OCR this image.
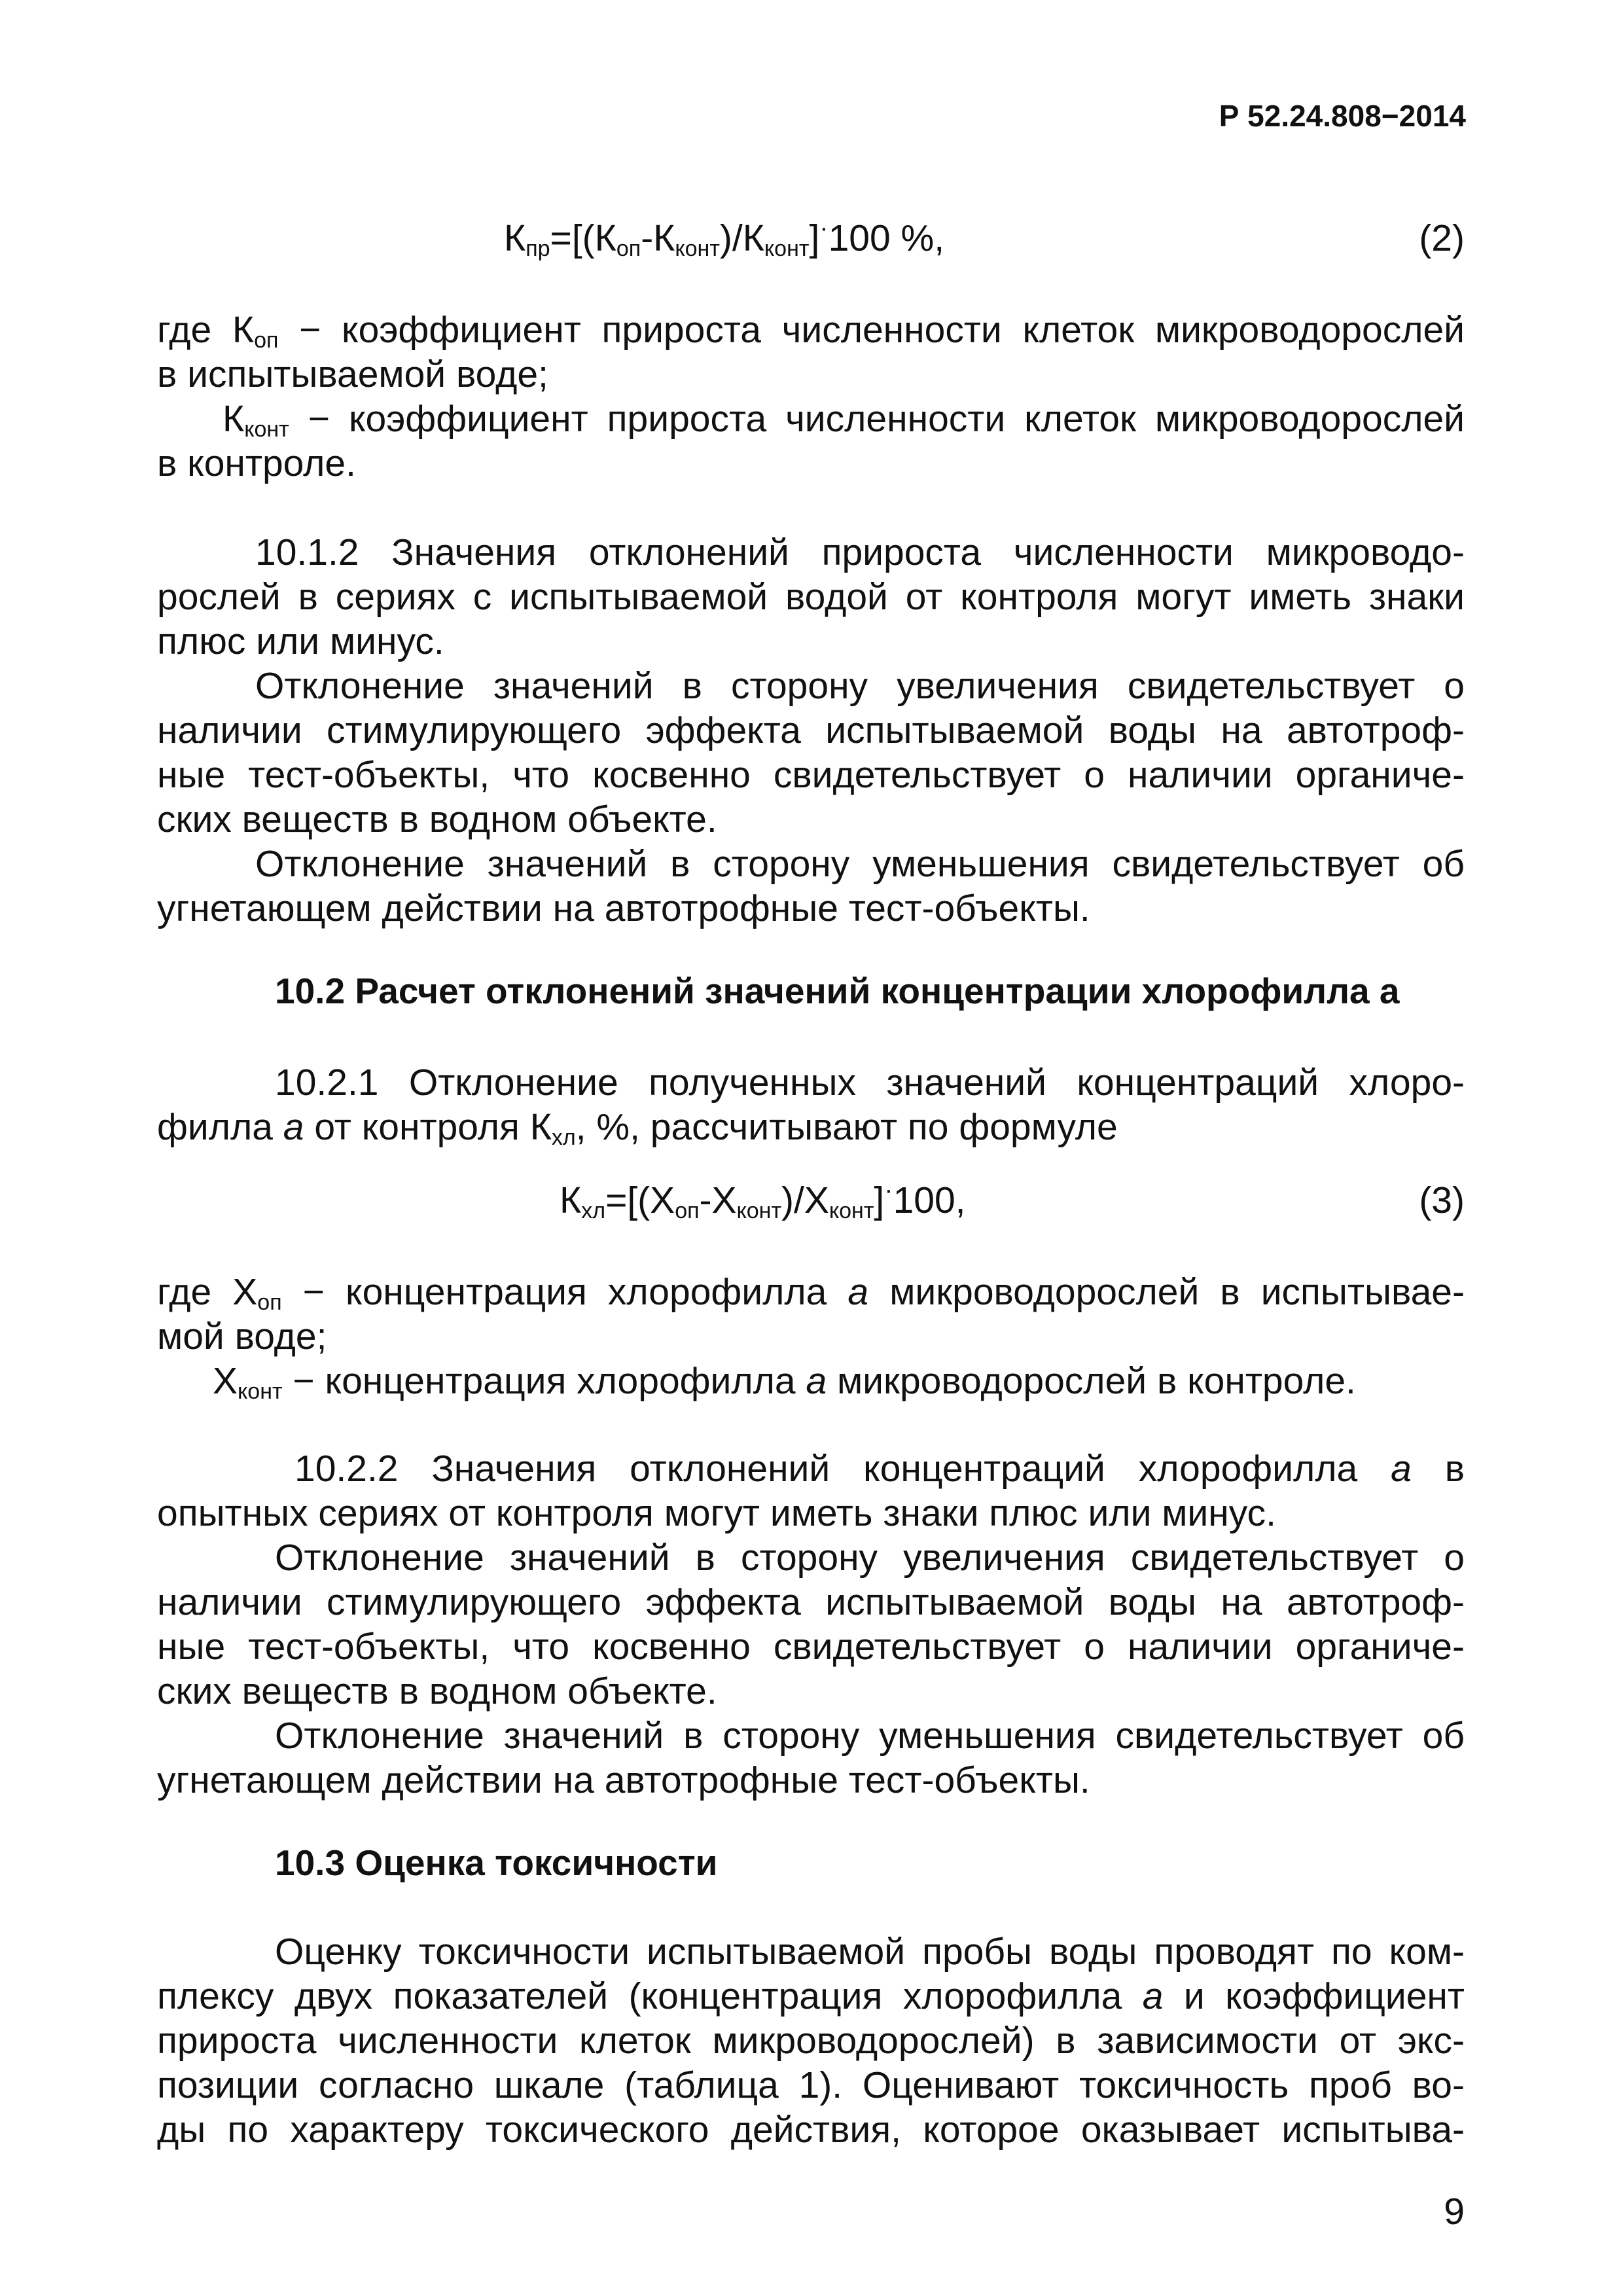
Р 52.24.808−2014
$К_{пр}=[(К_{оп}-К_{конт})/К_{конт}]^\cdot 100$ %,	(2)
где $К_{оп}$ − коэффициент прироста численности клеток микроводорослей
в испытываемой воде;
$К_{конт}$ − коэффициент прироста численности клеток микроводорослей
в контроле.
10.1.2 Значения отклонений прироста численности микроводо-
рослей в сериях с испытываемой водой от контроля могут иметь знаки
плюс или минус.
Отклонение значений в сторону увеличения свидетельствует о
наличии стимулирующего эффекта испытываемой воды на автотроф-
ные тест-объекты, что косвенно свидетельствует о наличии органиче-
ских веществ в водном объекте.
Отклонение значений в сторону уменьшения свидетельствует об
угнетающем действии на автотрофные тест-объекты.
10.2 Расчет отклонений значений концентрации хлорофилла а
10.2.1 Отклонение полученных значений концентраций хлоро-
филла а от контроля $К_{хл}$, %, рассчитывают по формуле
$К_{хл}=[(Х_{оп}-Х_{конт})/Х_{конт}]^\cdot 100$,	(3)
где $Х_{оп}$ − концентрация хлорофилла а микроводорослей в испытывае-
мой воде;
$Х_{конт}$ − концентрация хлорофилла а микроводорослей в контроле.
10.2.2 Значения отклонений концентраций хлорофилла а в
опытных сериях от контроля могут иметь знаки плюс или минус.
Отклонение значений в сторону увеличения свидетельствует о
наличии стимулирующего эффекта испытываемой воды на автотроф-
ные тест-объекты, что косвенно свидетельствует о наличии органиче-
ских веществ в водном объекте.
Отклонение значений в сторону уменьшения свидетельствует об
угнетающем действии на автотрофные тест-объекты.
10.3 Оценка токсичности
Оценку токсичности испытываемой пробы воды проводят по ком-
плексу двух показателей (концентрация хлорофилла а и коэффициент
прироста численности клеток микроводорослей) в зависимости от экс-
позиции согласно шкале (таблица 1). Оценивают токсичность проб во-
ды по характеру токсического действия, которое оказывает испытыва-
9
